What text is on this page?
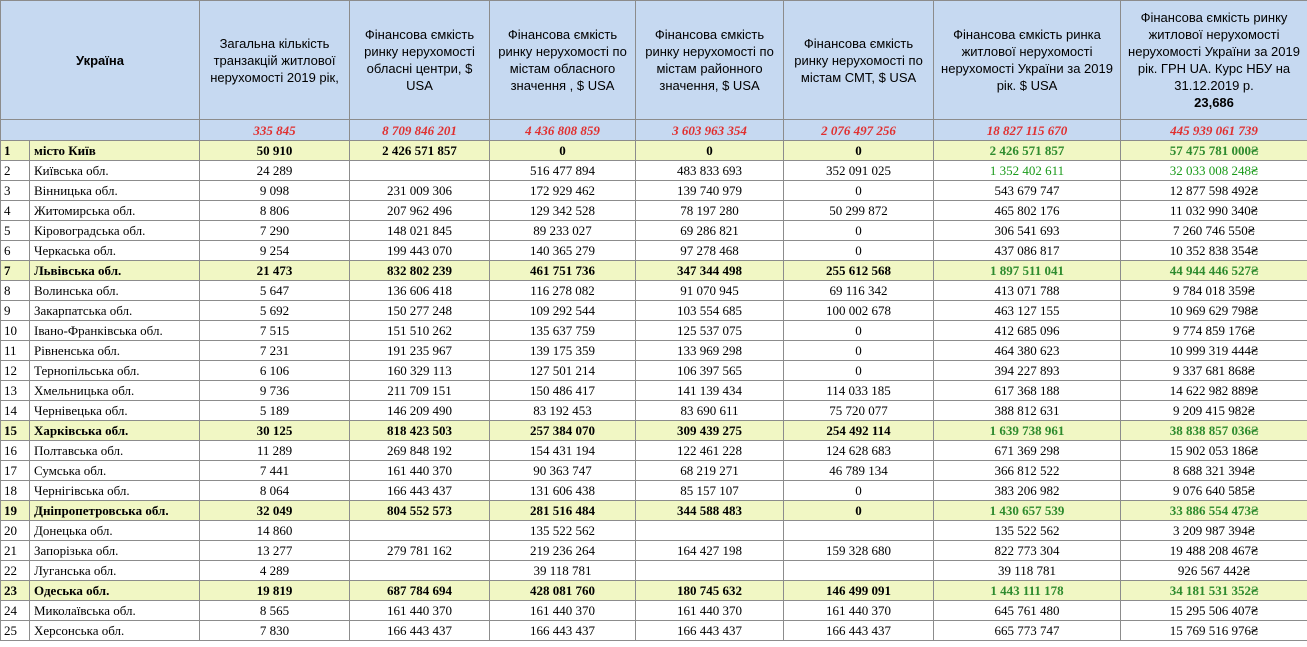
Україна		Загальна кількість транзакцій житлової нерухомості 2019 рік,	Фінансова ємкість ринку нерухомості обласні центри, $ USA	Фінансова ємкість ринку нерухомості по містам обласного значення , $ USA	Фінансова ємкість ринку нерухомості по містам районного значення, $ USA	Фінансова ємкість ринку нерухомості по містам СМТ, $ USA	Фінансова ємкість ринка житлової нерухомості нерухомості України за 2019 рік. $ USA	Фінансова ємкість ринку житлової нерухомості нерухомості України за 2019 рік. ГРН UA. Курс НБУ на 31.12.2019 р.
23,686

		335 845	8 709 846 201	4 436 808 859	3 603 963 354	2 076 497 256	18 827 115 670	445 939 061 739
1	місто Київ	50 910	2 426 571 857	0	0	0	2 426 571 857	57 475 781 000₴
2	Київська обл.	24 289		516 477 894	483 833 693	352 091 025	1 352 402 611	32 033 008 248₴
3	Вінницька обл.	9 098	231 009 306	172 929 462	139 740 979	0	543 679 747	12 877 598 492₴
4	Житомирська обл.	8 806	207 962 496	129 342 528	78 197 280	50 299 872	465 802 176	11 032 990 340₴
5	Кіровоградська обл.	7 290	148 021 845	89 233 027	69 286 821	0	306 541 693	7 260 746 550₴
6	Черкаська обл.	9 254	199 443 070	140 365 279	97 278 468	0	437 086 817	10 352 838 354₴
7	Львівська обл.	21 473	832 802 239	461 751 736	347 344 498	255 612 568	1 897 511 041	44 944 446 527₴
8	Волинська обл.	5 647	136 606 418	116 278 082	91 070 945	69 116 342	413 071 788	9 784 018 359₴
9	Закарпатська обл.	5 692	150 277 248	109 292 544	103 554 685	100 002 678	463 127 155	10 969 629 798₴
10	Івано-Франківська обл.	7 515	151 510 262	135 637 759	125 537 075	0	412 685 096	9 774 859 176₴
11	Рівненська обл.	7 231	191 235 967	139 175 359	133 969 298	0	464 380 623	10 999 319 444₴
12	Тернопільська обл.	6 106	160 329 113	127 501 214	106 397 565	0	394 227 893	9 337 681 868₴
13	Хмельницька обл.	9 736	211 709 151	150 486 417	141 139 434	114 033 185	617 368 188	14 622 982 889₴
14	Чернівецька обл.	5 189	146 209 490	83 192 453	83 690 611	75 720 077	388 812 631	9 209 415 982₴
15	Харківська обл.	30 125	818 423 503	257 384 070	309 439 275	254 492 114	1 639 738 961	38 838 857 036₴
16	Полтавська обл.	11 289	269 848 192	154 431 194	122 461 228	124 628 683	671 369 298	15 902 053 186₴
17	Сумська обл.	7 441	161 440 370	90 363 747	68 219 271	46 789 134	366 812 522	8 688 321 394₴
18	Чернігівська обл.	8 064	166 443 437	131 606 438	85 157 107	0	383 206 982	9 076 640 585₴
19	Дніпропетровська обл.	32 049	804 552 573	281 516 484	344 588 483	0	1 430 657 539	33 886 554 473₴
20	Донецька обл.	14 860		135 522 562			135 522 562	3 209 987 394₴
21	Запорізька обл.	13 277	279 781 162	219 236 264	164 427 198	159 328 680	822 773 304	19 488 208 467₴
22	Луганська обл.	4 289		39 118 781			39 118 781	926 567 442₴
23	Одеська обл.	19 819	687 784 694	428 081 760	180 745 632	146 499 091	1 443 111 178	34 181 531 352₴
24	Миколаївська обл.	8 565	161 440 370	161 440 370	161 440 370	161 440 370	645 761 480	15 295 506 407₴
25	Херсонська обл.	7 830	166 443 437	166 443 437	166 443 437	166 443 437	665 773 747	15 769 516 976₴
